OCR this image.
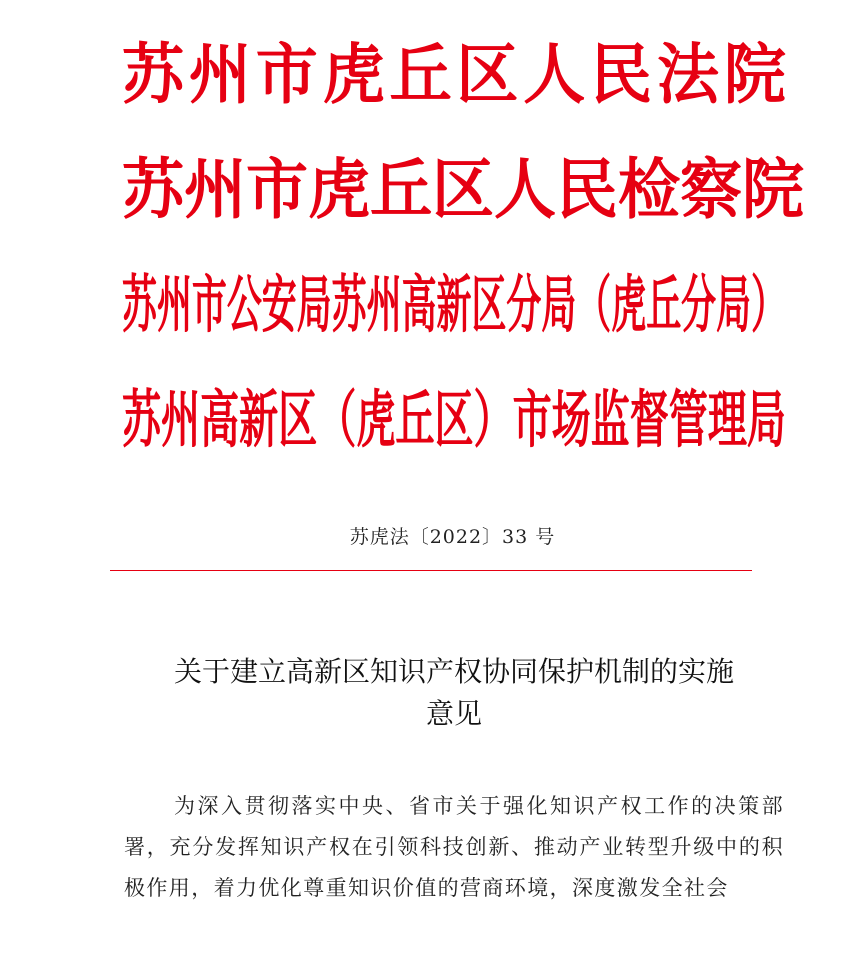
苏 州 市 虎 丘 区 人 民 法 院
苏 州 市 虎 丘 区 人 民 检 察 院
苏州市公安局苏州高新区分局（虎丘分局）
苏州高新区（虎丘区）市场监督管理局
苏虎法〔2022〕33 号
关于建立高新区知识产权协同保护机制的实施
意见
为深入贯彻落实中央、省市关于强化知识产权工作的决策部署，充分发挥知识产权在引领科技创新、推动产业转型升级中的积极作用，着力优化尊重知识价值的营商环境，深度激发全社会
